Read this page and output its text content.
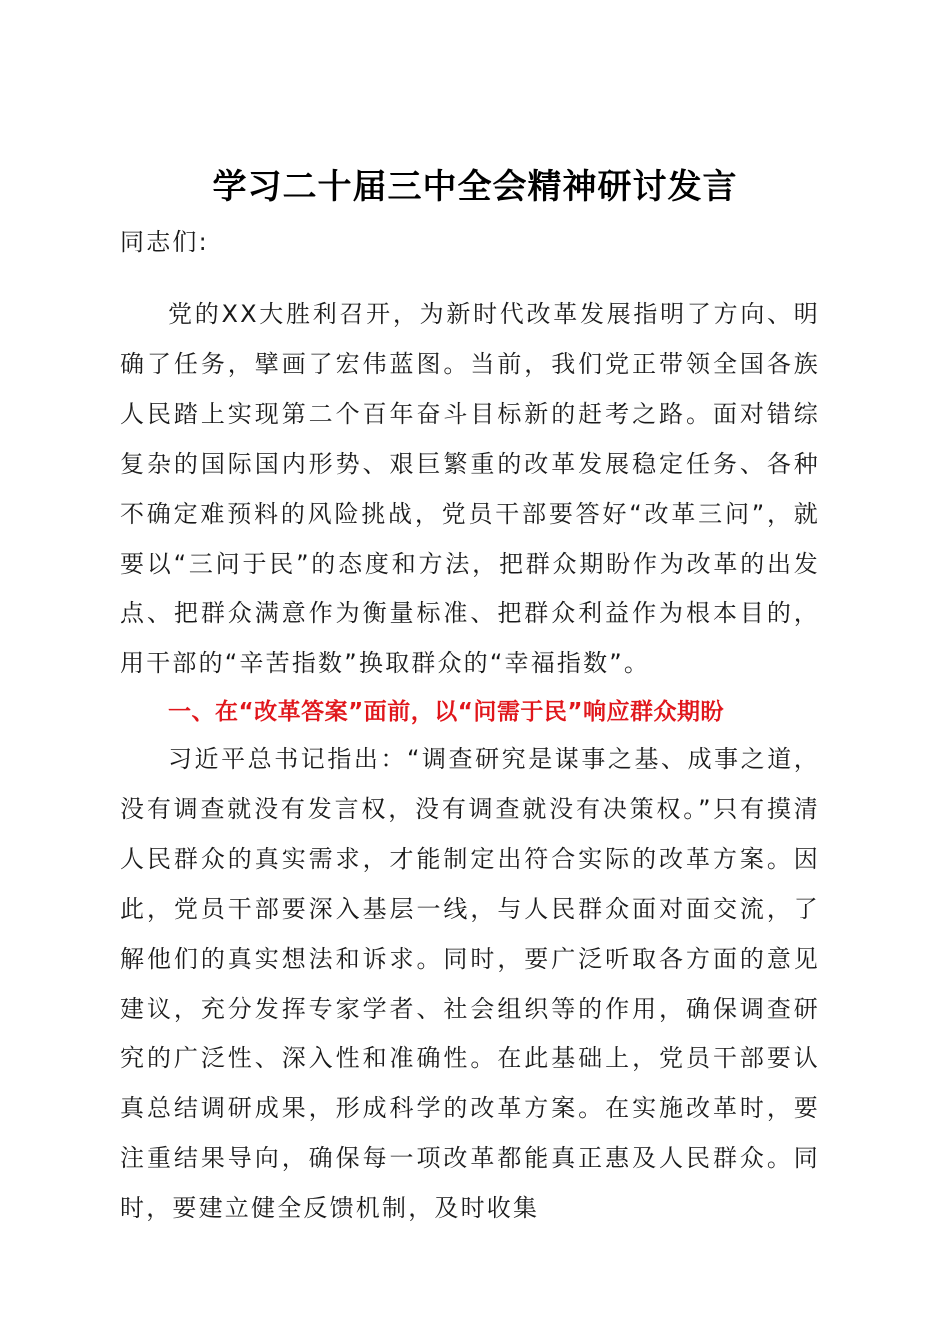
学习二十届三中全会精神研讨发言
同志们:

党的XX大胜利召开，为新时代改革发展指明了方向、明确了任务，擘画了宏伟蓝图。当前，我们党正带领全国各族人民踏上实现第二个百年奋斗目标新的赶考之路。面对错综复杂的国际国内形势、艰巨繁重的改革发展稳定任务、各种不确定难预料的风险挑战，党员干部要答好“改革三问”，就要以“三问于民”的态度和方法，把群众期盼作为改革的出发点、把群众满意作为衡量标准、把群众利益作为根本目的，用干部的“辛苦指数”换取群众的“幸福指数”。

一、在“改革答案”面前，以“问需于民”响应群众期盼

习近平总书记指出：“调查研究是谋事之基、成事之道，没有调查就没有发言权，没有调查就没有决策权。”只有摸清人民群众的真实需求，才能制定出符合实际的改革方案。因此，党员干部要深入基层一线，与人民群众面对面交流，了解他们的真实想法和诉求。同时，要广泛听取各方面的意见建议，充分发挥专家学者、社会组织等的作用，确保调查研究的广泛性、深入性和准确性。在此基础上，党员干部要认真总结调研成果，形成科学的改革方案。在实施改革时，要注重结果导向，确保每一项改革都能真正惠及人民群众。同时，要建立健全反馈机制，及时收集
